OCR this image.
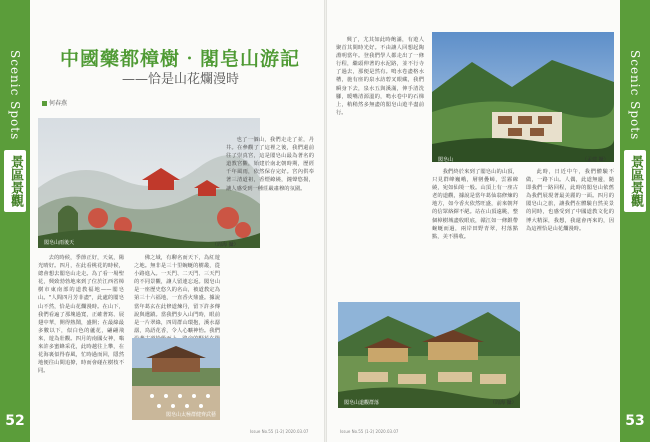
Scenic Spots
景區景觀
52
Scenic Spots
景區景觀
53
中國藥都樟樹‧閣皂山游記
——恰是山花爛漫時
何春燕
閣皂山雨後天	（周海 攝）

去的時候，季節正好，天氣，陽光晴好。四月，在此看桃花的時候，總會想去閣皂山走走。為了看一場聖花，興致勃勃地來到了位於江西省樟樹市東南部的道教福地——閣皂山。"人間四月芳菲盡"，此處的閣皂山不然，恰是山花爛漫時。在山下，我們看遍了那塊過寬，正確著寫、展翅中華，開得熱鬧，盛開；在最綠最多數以下，似白色的蘆花，翩翩飛來，遊為壯觀。四月的南國女神，嗡來許多蜜蜂采花，此時越往上攀，在花海裏似得春風，忙時過而回，隱然地便往山間追撩，時而會碰在樹枝不同。

佛之域，有聊名而天下，為紅遊之地。無非是三十里蜿蜒的樹叢，從小路進入。一天門、二天門、三天門的不同景觀，讓人留連忘返。閣皂山是一座歷史悠久的名山，被道教定為第三十六福地，一直香火鼎盛。據說當年葛玄在此修道煉丹，留下許多傳說與遺蹟。當我們步入山門時，眼前是一片翠綠，四周群山環抱，溪水潺潺，鳥語花香，令人心曠神怡。我們

閣皂山太極群健齊武藝

也了一個山，我們走走了並，丹井。在參觀了了這裡之後，我們還前往了崇真宮，這是閣皂山最為著名的道教宮觀，始建於南北朝時期，歷經千年風雨，依然保存完好。宮內供奉著三清道祖，香煙繚繞，鐘聲悠揚，讓人感受到一種莊嚴肅穆的氛圍。

Issue No.55 (1-2) 2020.03.07

興了，尤其如此時飽滿，有遊人聚首其間時光好。不由讓人回想起陶淵明當年。登我們學人都走出了一條行程，繼頭伸著的水泥路，並不行寺了過去，那便是然有。鳴水卷盡格水槽，施有座的泉水訪碧叉眼藏，我們瞬身下去，泉水五與溪滿，伸手清洗腳，暖嘴清源溫的，鳴水卷中的石梯上，稍稍然多無盡的閣皂山遊半盡前行。

閣皂山	（孟建 攝）

我們終於來到了閣皂山的山頂，只見群峰巍峨，層巒疊嶂，雲霧繚繞，宛如仙境一般。山頂上有一座古老的道觀，據說是當年葛仙翁修煉的地方，如今香火依然旺盛，前來朝拜的信眾絡繹不絕。站在山頂遠眺，整個樟樹城盡收眼底，贛江如一條銀帶蜿蜒而過，兩岸田野青翠，村落點點，美不勝收。

此時，日近中午，我們體驗不做，一路下山。人偶，此道無邊，隨即我們一路回程，此時的閣皂山依舊為我們展現著最美麗的一面。四月的閣皂山之旅，讓我們在體驗自然美景的同時，也感受到了中國道教文化的博大精深，我想，我還會再來的，因為這裡恰是山花爛漫時。

閣皂山道觀群落	（周海 攝）
Issue No.55 (1-2) 2020.03.07
